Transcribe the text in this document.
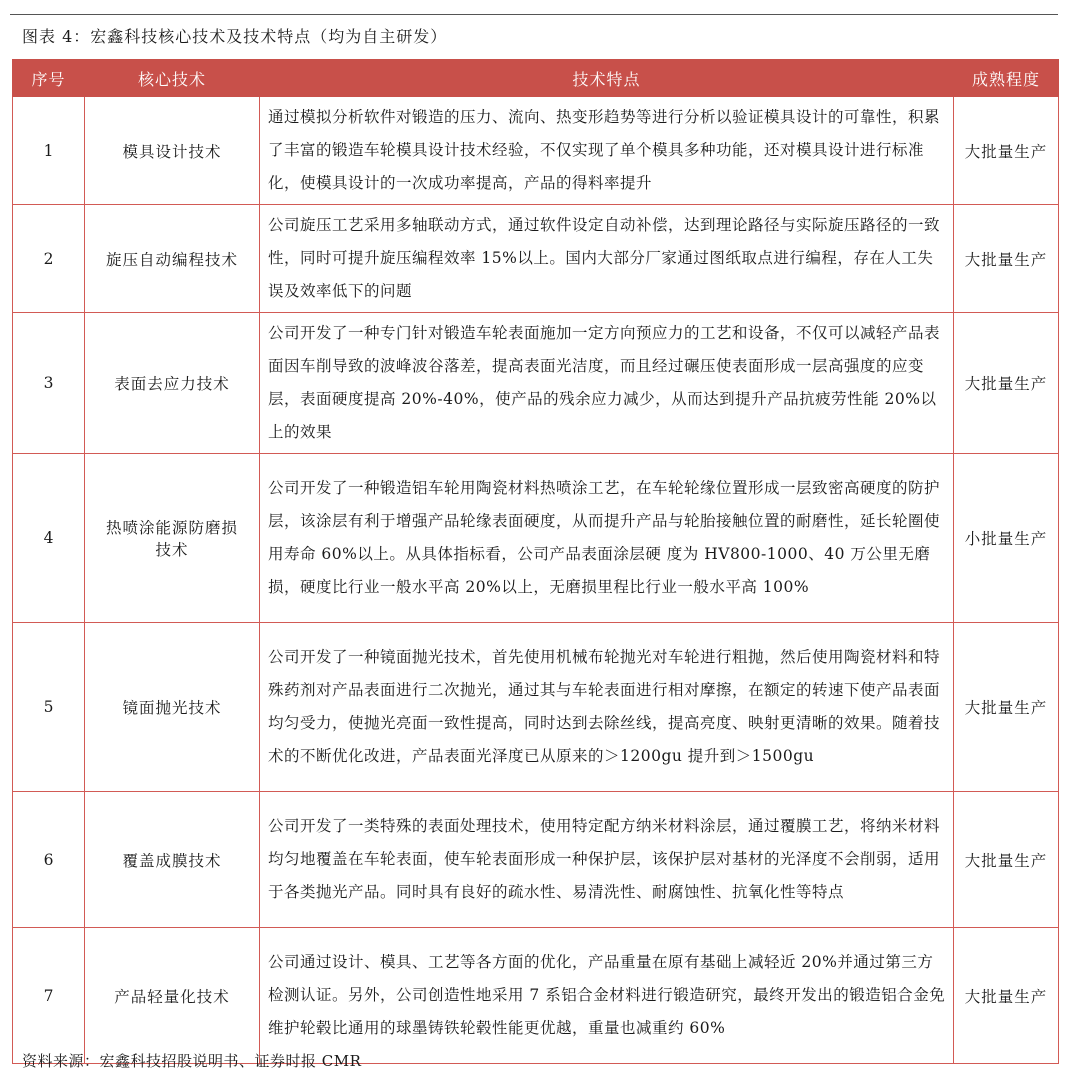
图表 4：宏鑫科技核心技术及技术特点（均为自主研发）
序号	核心技术	技术特点	成熟程度
1	模具设计技术	通过模拟分析软件对锻造的压力、流向、热变形趋势等进行分析以验证模具设计的可靠性，积累了丰富的锻造车轮模具设计技术经验，不仅实现了单个模具多种功能，还对模具设计进行标准化，使模具设计的一次成功率提高，产品的得料率提升	大批量生产
2	旋压自动编程技术	公司旋压工艺采用多轴联动方式，通过软件设定自动补偿，达到理论路径与实际旋压路径的一致性，同时可提升旋压编程效率 15%以上。国内大部分厂家通过图纸取点进行编程，存在人工失误及效率低下的问题	大批量生产
3	表面去应力技术	公司开发了一种专门针对锻造车轮表面施加一定方向预应力的工艺和设备，不仅可以减轻产品表面因车削导致的波峰波谷落差，提高表面光洁度，而且经过碾压使表面形成一层高强度的应变层，表面硬度提高 20%-40%，使产品的残余应力减少，从而达到提升产品抗疲劳性能 20%以上的效果	大批量生产
4	热喷涂能源防磨损技术	公司开发了一种锻造铝车轮用陶瓷材料热喷涂工艺，在车轮轮缘位置形成一层致密高硬度的防护层，该涂层有利于增强产品轮缘表面硬度，从而提升产品与轮胎接触位置的耐磨性，延长轮圈使用寿命 60%以上。从具体指标看，公司产品表面涂层硬 度为 HV800-1000、40 万公里无磨损，硬度比行业一般水平高 20%以上，无磨损里程比行业一般水平高 100%	小批量生产
5	镜面抛光技术	公司开发了一种镜面抛光技术，首先使用机械布轮抛光对车轮进行粗抛，然后使用陶瓷材料和特殊药剂对产品表面进行二次抛光，通过其与车轮表面进行相对摩擦，在额定的转速下使产品表面均匀受力，使抛光亮面一致性提高，同时达到去除丝线，提高亮度、映射更清晰的效果。随着技术的不断优化改进，产品表面光泽度已从原来的＞1200gu 提升到＞1500gu	大批量生产
6	覆盖成膜技术	公司开发了一类特殊的表面处理技术，使用特定配方纳米材料涂层，通过覆膜工艺，将纳米材料均匀地覆盖在车轮表面，使车轮表面形成一种保护层，该保护层对基材的光泽度不会削弱，适用于各类抛光产品。同时具有良好的疏水性、易清洗性、耐腐蚀性、抗氧化性等特点	大批量生产
7	产品轻量化技术	公司通过设计、模具、工艺等各方面的优化，产品重量在原有基础上减轻近 20%并通过第三方检测认证。另外，公司创造性地采用 7 系铝合金材料进行锻造研究，最终开发出的锻造铝合金免维护轮毂比通用的球墨铸铁轮毂性能更优越，重量也减重约 60%	大批量生产
资料来源：宏鑫科技招股说明书、证券时报 CMR
